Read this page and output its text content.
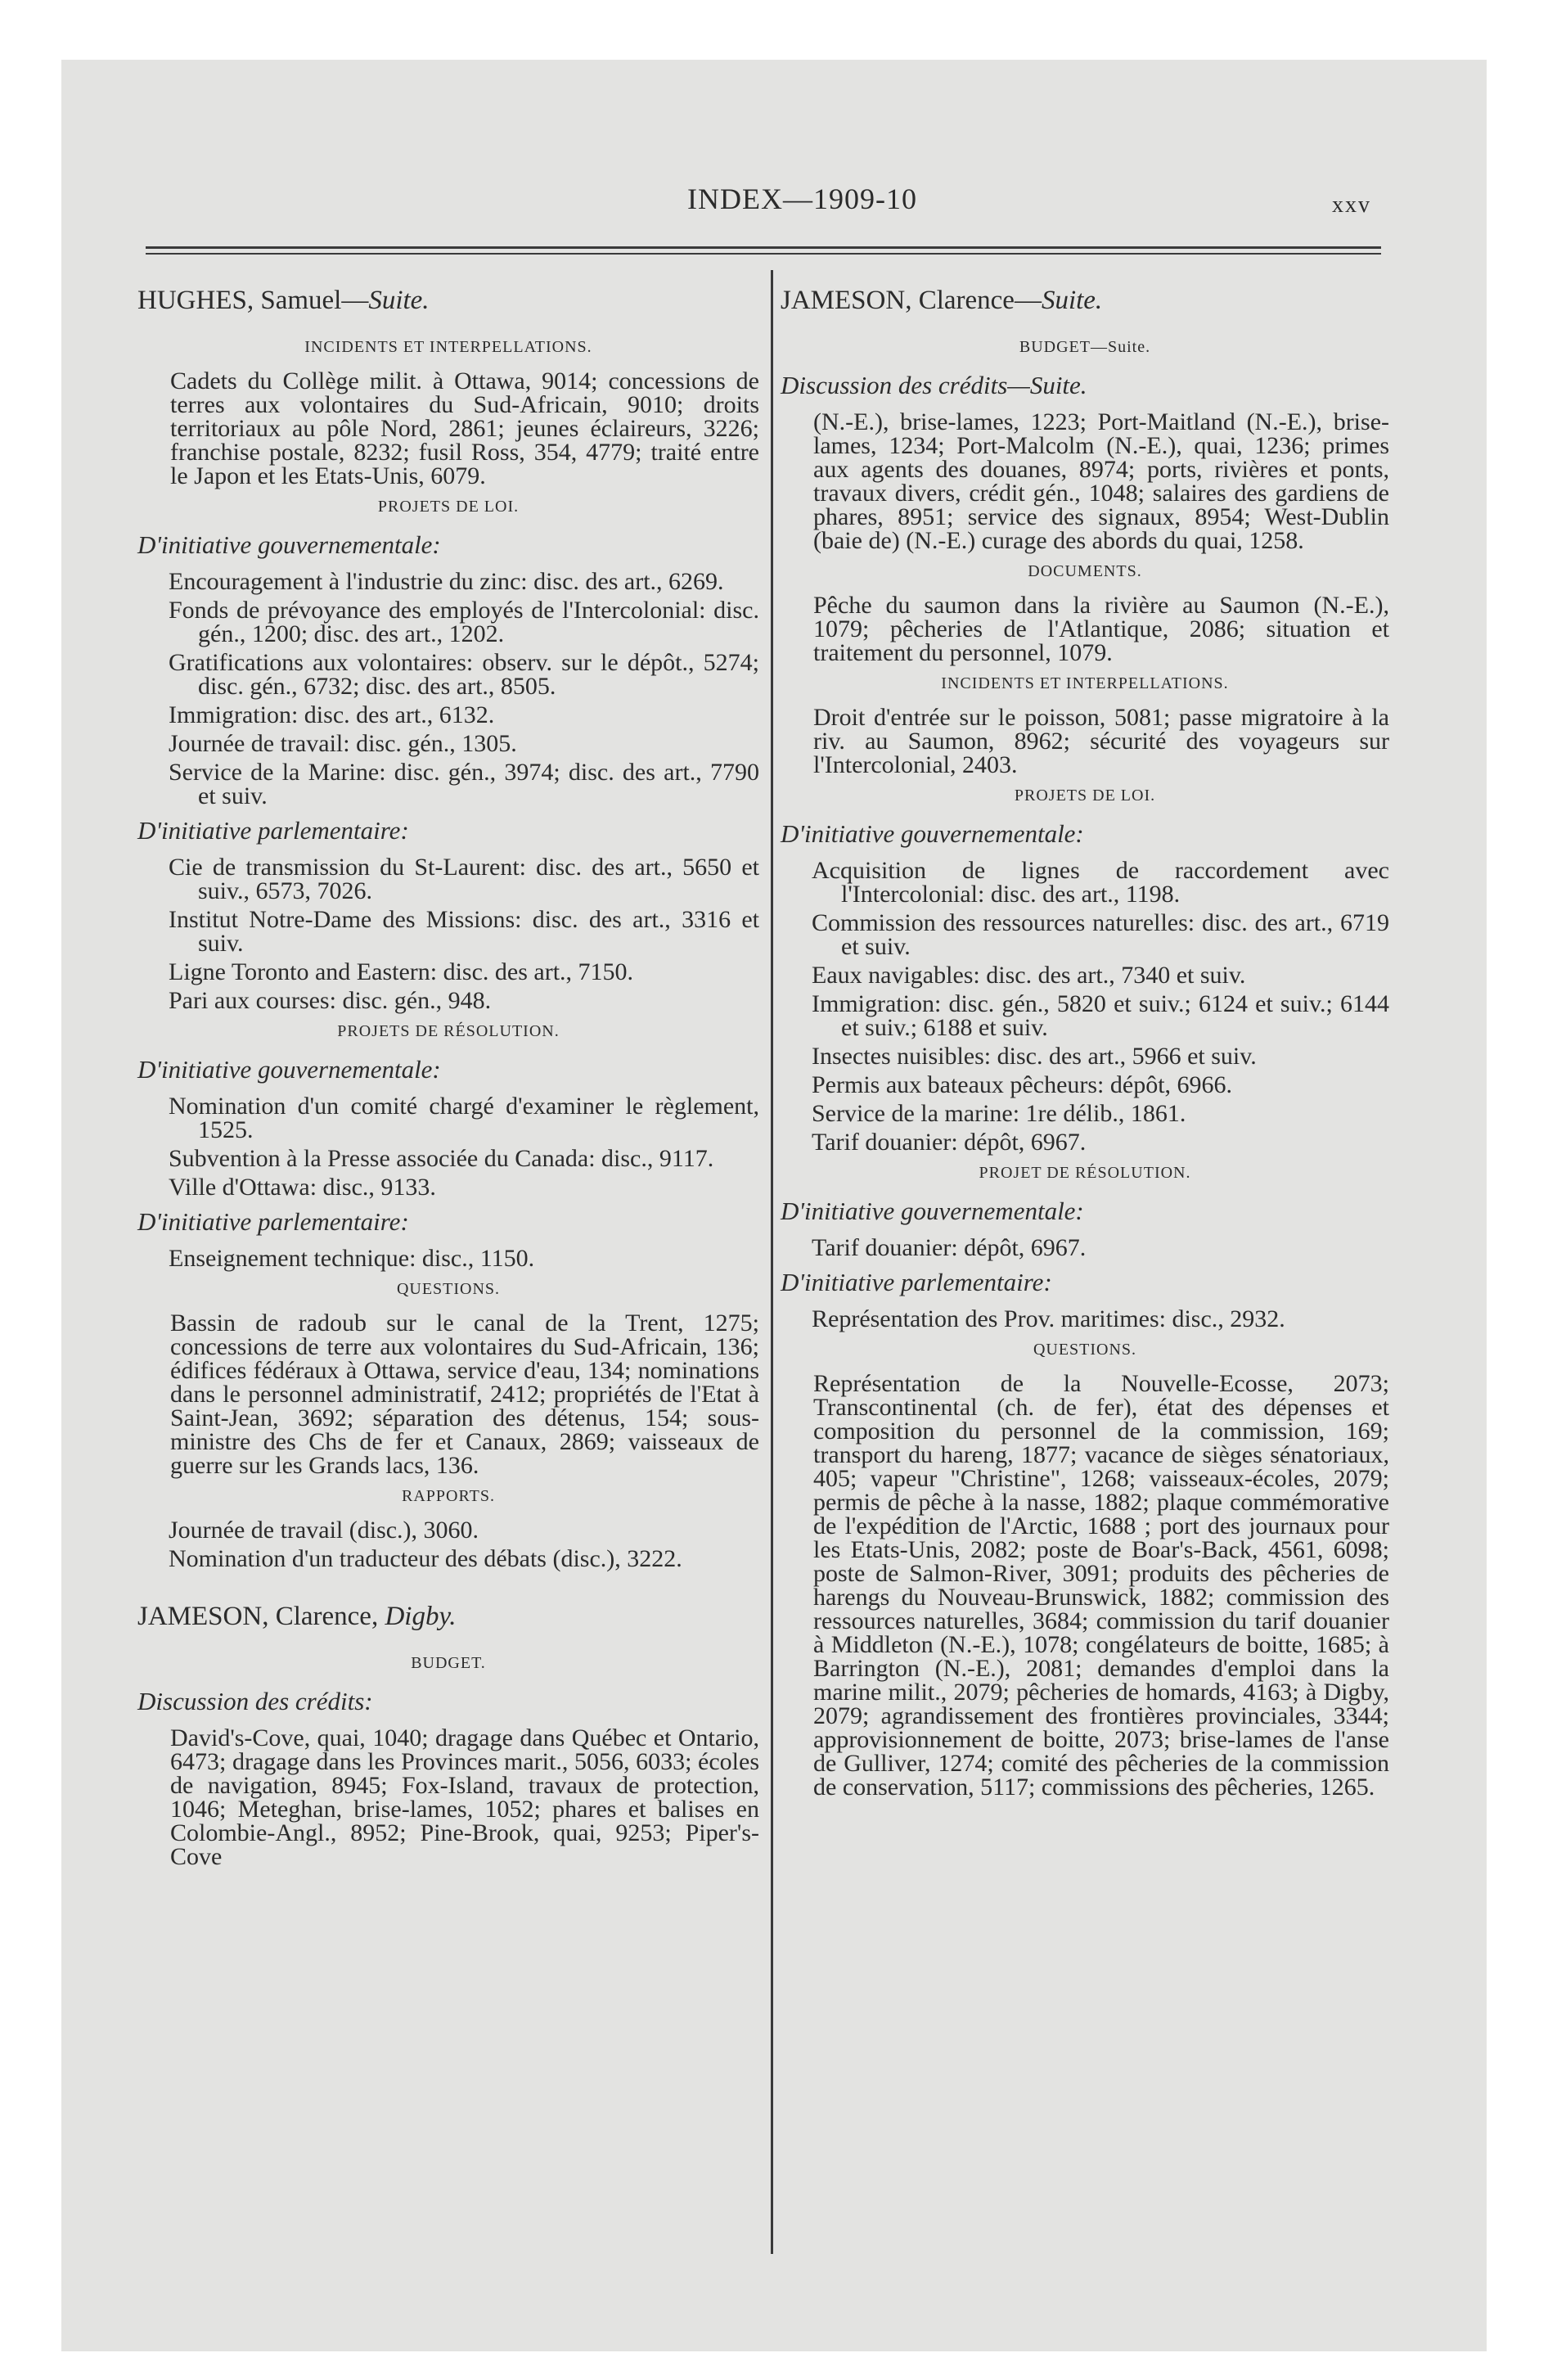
INDEX—1909-10	xxv
HUGHES, Samuel—Suite.
INCIDENTS ET INTERPELLATIONS.
Cadets du Collège milit. à Ottawa, 9014; concessions de terres aux volontaires du Sud-Africain, 9010; droits territoriaux au pôle Nord, 2861; jeunes éclaireurs, 3226; franchise postale, 8232; fusil Ross, 354, 4779; traité entre le Japon et les Etats-Unis, 6079.
PROJETS DE LOI.
D'initiative gouvernementale:
Encouragement à l'industrie du zinc: disc. des art., 6269.
Fonds de prévoyance des employés de l'Intercolonial: disc. gén., 1200; disc. des art., 1202.
Gratifications aux volontaires: observ. sur le dépôt., 5274; disc. gén., 6732; disc. des art., 8505.
Immigration: disc. des art., 6132.
Journée de travail: disc. gén., 1305.
Service de la Marine: disc. gén., 3974; disc. des art., 7790 et suiv.
D'initiative parlementaire:
Cie de transmission du St-Laurent: disc. des art., 5650 et suiv., 6573, 7026.
Institut Notre-Dame des Missions: disc. des art., 3316 et suiv.
Ligne Toronto and Eastern: disc. des art., 7150.
Pari aux courses: disc. gén., 948.
PROJETS DE RÉSOLUTION.
D'initiative gouvernementale:
Nomination d'un comité chargé d'examiner le règlement, 1525.
Subvention à la Presse associée du Canada: disc., 9117.
Ville d'Ottawa: disc., 9133.
D'initiative parlementaire:
Enseignement technique: disc., 1150.
QUESTIONS.
Bassin de radoub sur le canal de la Trent, 1275; concessions de terre aux volontaires du Sud-Africain, 136; édifices fédéraux à Ottawa, service d'eau, 134; nominations dans le personnel administratif, 2412; propriétés de l'Etat à Saint-Jean, 3692; séparation des détenus, 154; sous-ministre des Chs de fer et Canaux, 2869; vaisseaux de guerre sur les Grands lacs, 136.
RAPPORTS.
Journée de travail (disc.), 3060.
Nomination d'un traducteur des débats (disc.), 3222.
JAMESON, Clarence, Digby.
BUDGET.
Discussion des crédits:
David's-Cove, quai, 1040; dragage dans Québec et Ontario, 6473; dragage dans les Provinces marit., 5056, 6033; écoles de navigation, 8945; Fox-Island, travaux de protection, 1046; Meteghan, brise-lames, 1052; phares et balises en Colombie-Angl., 8952; Pine-Brook, quai, 9253; Piper's-Cove
JAMESON, Clarence—Suite.
BUDGET—Suite.
Discussion des crédits—Suite.
(N.-E.), brise-lames, 1223; Port-Maitland (N.-E.), brise-lames, 1234; Port-Malcolm (N.-E.), quai, 1236; primes aux agents des douanes, 8974; ports, rivières et ponts, travaux divers, crédit gén., 1048; salaires des gardiens de phares, 8951; service des signaux, 8954; West-Dublin (baie de) (N.-E.) curage des abords du quai, 1258.
DOCUMENTS.
Pêche du saumon dans la rivière au Saumon (N.-E.), 1079; pêcheries de l'Atlantique, 2086; situation et traitement du personnel, 1079.
INCIDENTS ET INTERPELLATIONS.
Droit d'entrée sur le poisson, 5081; passe migratoire à la riv. au Saumon, 8962; sécurité des voyageurs sur l'Intercolonial, 2403.
PROJETS DE LOI.
D'initiative gouvernementale:
Acquisition de lignes de raccordement avec l'Intercolonial: disc. des art., 1198.
Commission des ressources naturelles: disc. des art., 6719 et suiv.
Eaux navigables: disc. des art., 7340 et suiv.
Immigration: disc. gén., 5820 et suiv.; 6124 et suiv.; 6144 et suiv.; 6188 et suiv.
Insectes nuisibles: disc. des art., 5966 et suiv.
Permis aux bateaux pêcheurs: dépôt, 6966.
Service de la marine: 1re délib., 1861.
Tarif douanier: dépôt, 6967.
PROJET DE RÉSOLUTION.
D'initiative gouvernementale:
Tarif douanier: dépôt, 6967.
D'initiative parlementaire:
Représentation des Prov. maritimes: disc., 2932.
QUESTIONS.
Représentation de la Nouvelle-Ecosse, 2073; Transcontinental (ch. de fer), état des dépenses et composition du personnel de la commission, 169; transport du hareng, 1877; vacance de sièges sénatoriaux, 405; vapeur "Christine", 1268; vaisseaux-écoles, 2079; permis de pêche à la nasse, 1882; plaque commémorative de l'expédition de l'Arctic, 1688 ; port des journaux pour les Etats-Unis, 2082; poste de Boar's-Back, 4561, 6098; poste de Salmon-River, 3091; produits des pêcheries de harengs du Nouveau-Brunswick, 1882; commission des ressources naturelles, 3684; commission du tarif douanier à Middleton (N.-E.), 1078; congélateurs de boitte, 1685; à Barrington (N.-E.), 2081; demandes d'emploi dans la marine milit., 2079; pêcheries de homards, 4163; à Digby, 2079; agrandissement des frontières provinciales, 3344; approvisionnement de boitte, 2073; brise-lames de l'anse de Gulliver, 1274; comité des pêcheries de la commission de conservation, 5117; commissions des pêcheries, 1265.
